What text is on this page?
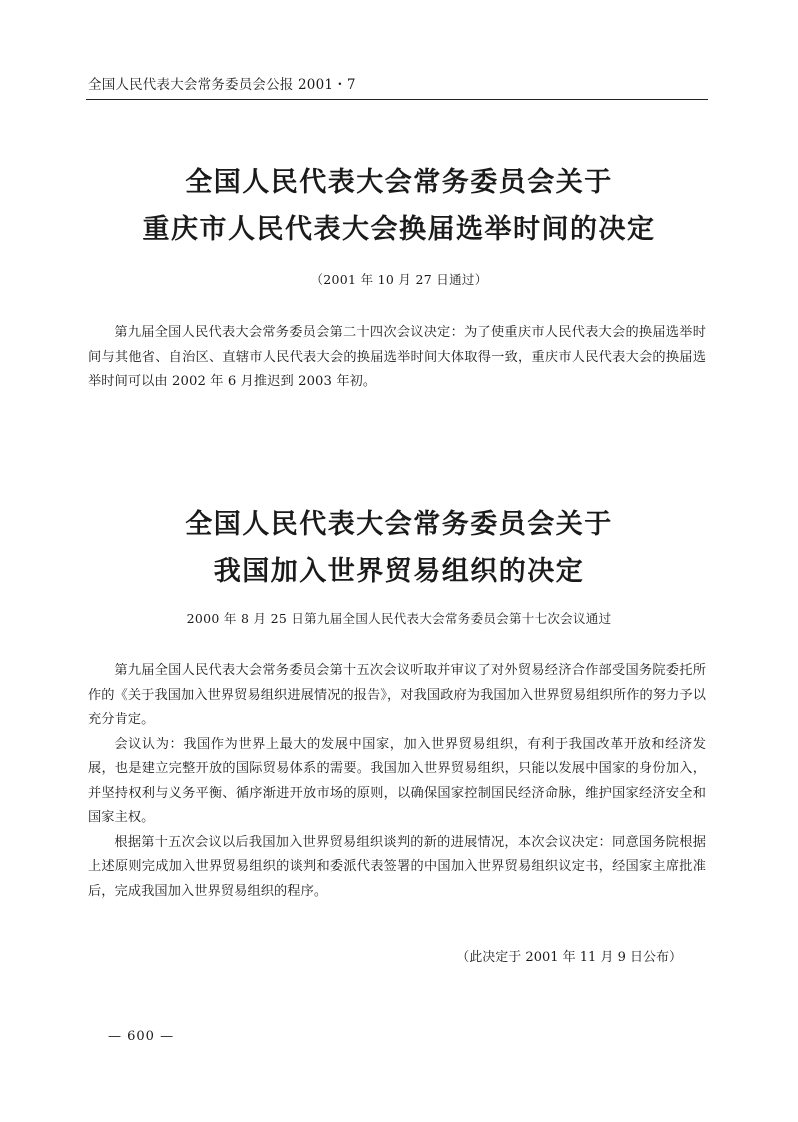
全国人民代表大会常务委员会公报 2001・7
全国人民代表大会常务委员会关于
重庆市人民代表大会换届选举时间的决定
（2001 年 10 月 27 日通过）

第九届全国人民代表大会常务委员会第二十四次会议决定：为了使重庆市人民代表大会的换届选举时间与其他省、自治区、直辖市人民代表大会的换届选举时间大体取得一致，重庆市人民代表大会的换届选举时间可以由 2002 年 6 月推迟到 2003 年初。

全国人民代表大会常务委员会关于
我国加入世界贸易组织的决定
2000 年 8 月 25 日第九届全国人民代表大会常务委员会第十七次会议通过

第九届全国人民代表大会常务委员会第十五次会议听取并审议了对外贸易经济合作部受国务院委托所作的《关于我国加入世界贸易组织进展情况的报告》，对我国政府为我国加入世界贸易组织所作的努力予以充分肯定。

会议认为：我国作为世界上最大的发展中国家，加入世界贸易组织，有利于我国改革开放和经济发展，也是建立完整开放的国际贸易体系的需要。我国加入世界贸易组织，只能以发展中国家的身份加入，并坚持权利与义务平衡、循序渐进开放市场的原则，以确保国家控制国民经济命脉，维护国家经济安全和国家主权。

根据第十五次会议以后我国加入世界贸易组织谈判的新的进展情况，本次会议决定：同意国务院根据上述原则完成加入世界贸易组织的谈判和委派代表签署的中国加入世界贸易组织议定书，经国家主席批准后，完成我国加入世界贸易组织的程序。

（此决定于 2001 年 11 月 9 日公布）
— 600 —
